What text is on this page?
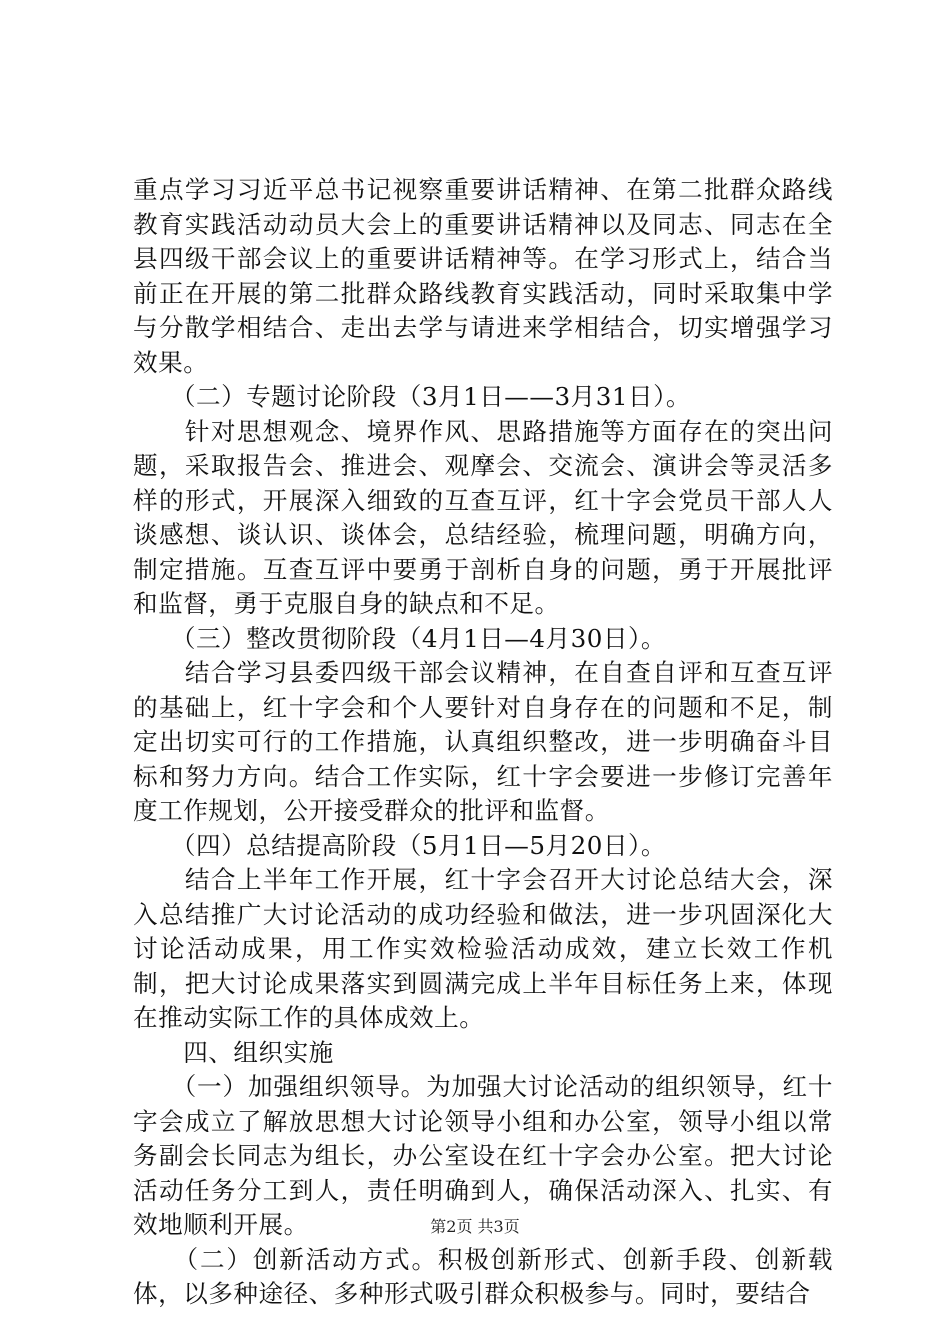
重点学习习近平总书记视察重要讲话精神、在第二批群众路线教育实践活动动员大会上的重要讲话精神以及同志、同志在全县四级干部会议上的重要讲话精神等。在学习形式上，结合当前正在开展的第二批群众路线教育实践活动，同时采取集中学与分散学相结合、走出去学与请进来学相结合，切实增强学习效果。

　　（二）专题讨论阶段（3月1日——3月31日）。

　　针对思想观念、境界作风、思路措施等方面存在的突出问题，采取报告会、推进会、观摩会、交流会、演讲会等灵活多样的形式，开展深入细致的互查互评，红十字会党员干部人人谈感想、谈认识、谈体会，总结经验，梳理问题，明确方向，制定措施。互查互评中要勇于剖析自身的问题，勇于开展批评和监督，勇于克服自身的缺点和不足。

　　（三）整改贯彻阶段（4月1日—4月30日）。

　　结合学习县委四级干部会议精神，在自查自评和互查互评的基础上，红十字会和个人要针对自身存在的问题和不足，制定出切实可行的工作措施，认真组织整改，进一步明确奋斗目标和努力方向。结合工作实际，红十字会要进一步修订完善年度工作规划，公开接受群众的批评和监督。

　　（四）总结提高阶段（5月1日—5月20日）。

　　结合上半年工作开展，红十字会召开大讨论总结大会，深入总结推广大讨论活动的成功经验和做法，进一步巩固深化大讨论活动成果，用工作实效检验活动成效，建立长效工作机制，把大讨论成果落实到圆满完成上半年目标任务上来，体现在推动实际工作的具体成效上。

　　四、组织实施

　　（一）加强组织领导。为加强大讨论活动的组织领导，红十字会成立了解放思想大讨论领导小组和办公室，领导小组以常务副会长同志为组长，办公室设在红十字会办公室。把大讨论活动任务分工到人，责任明确到人，确保活动深入、扎实、有效地顺利开展。

　　（二）创新活动方式。积极创新形式、创新手段、创新载体，以多种途径、多种形式吸引群众积极参与。同时，要结合

第2页 共3页
